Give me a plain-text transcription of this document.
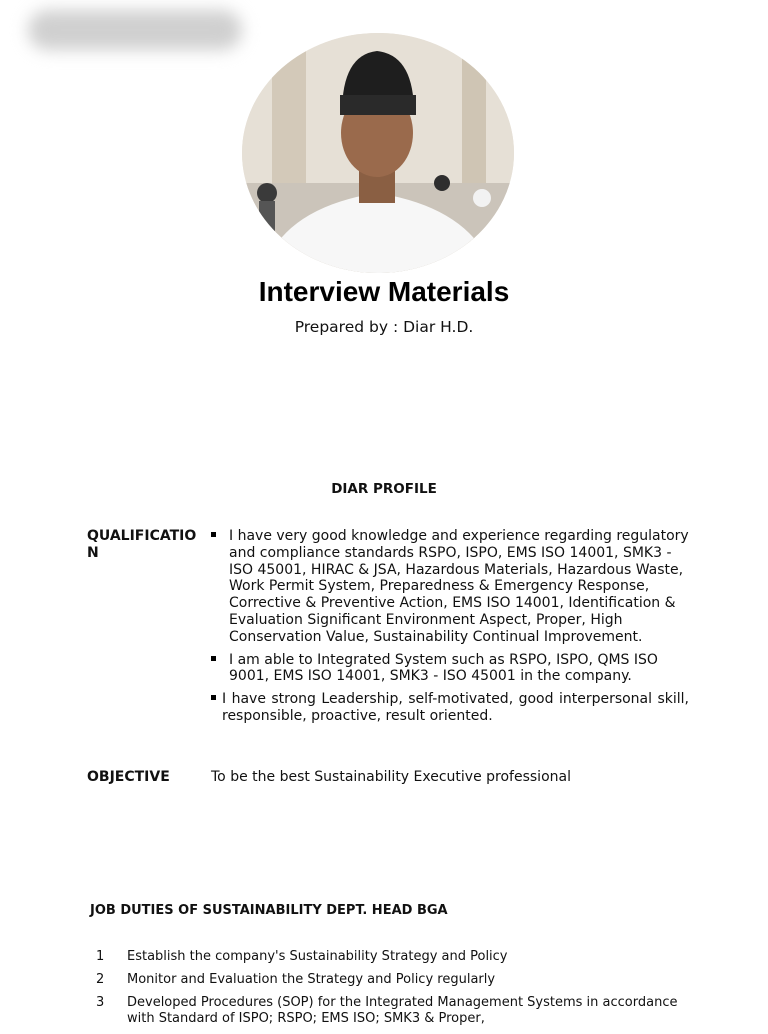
Interview Materials
Prepared by : Diar H.D.
DIAR PROFILE
QUALIFICATION
I have very good knowledge and experience regarding regulatory and compliance standards RSPO, ISPO, EMS ISO 14001, SMK3 - ISO 45001, HIRAC & JSA, Hazardous Materials, Hazardous Waste, Work Permit System, Preparedness & Emergency Response, Corrective & Preventive Action, EMS ISO 14001, Identification & Evaluation Significant Environment Aspect, Proper, High Conservation Value, Sustainability Continual Improvement.
I am able to Integrated System such as RSPO, ISPO, QMS ISO 9001, EMS ISO 14001, SMK3 - ISO 45001 in the company.
I have strong Leadership, self-motivated, good interpersonal skill, responsible, proactive, result oriented.
OBJECTIVE	To be the best Sustainability Executive professional
JOB DUTIES OF SUSTAINABILITY DEPT. HEAD BGA
1 Establish the company's Sustainability Strategy and Policy
2 Monitor and Evaluation the Strategy and Policy regularly
3 Developed Procedures (SOP) for the Integrated Management Systems in accordance with Standard of ISPO; RSPO; EMS ISO; SMK3 & Proper,
